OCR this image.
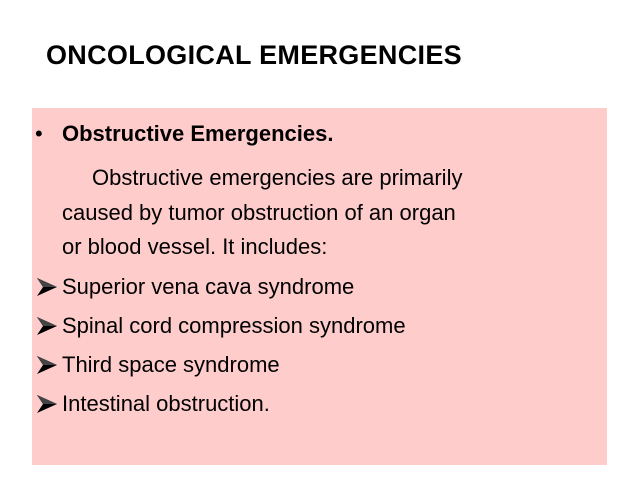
ONCOLOGICAL EMERGENCIES
• Obstructive Emergencies.
Obstructive emergencies are primarily
caused by tumor obstruction of an organ
or blood vessel. It includes:
Superior vena cava syndrome
Spinal cord compression syndrome
Third space syndrome
Intestinal obstruction.
